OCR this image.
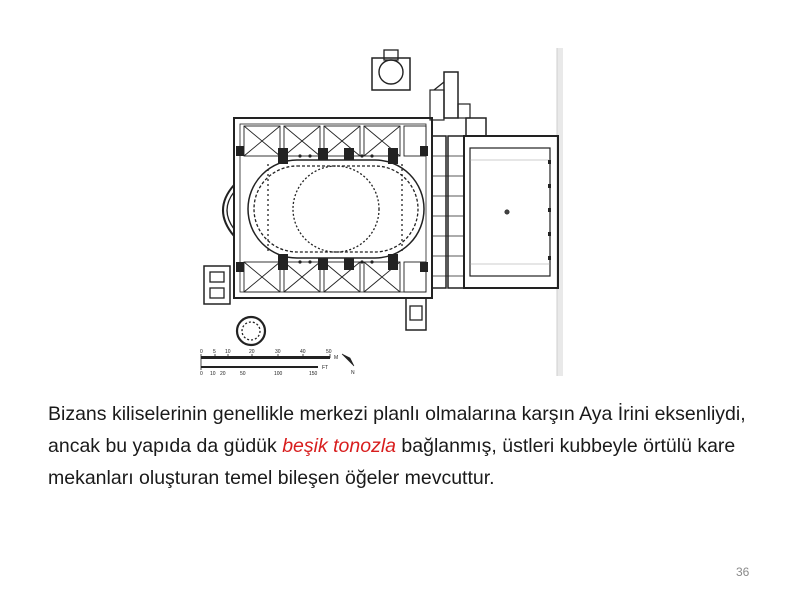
0 5 10	20	30	40	50
M
0 10 20	50	100	150
FT
N

Bizans kiliselerinin genellikle merkezi planlı olmalarına karşın Aya İrini eksenliydi, ancak bu yapıda da güdük beşik tonozla bağlanmış, üstleri kubbeyle örtülü kare mekanları oluşturan temel bileşen öğeler mevcuttur.

36
